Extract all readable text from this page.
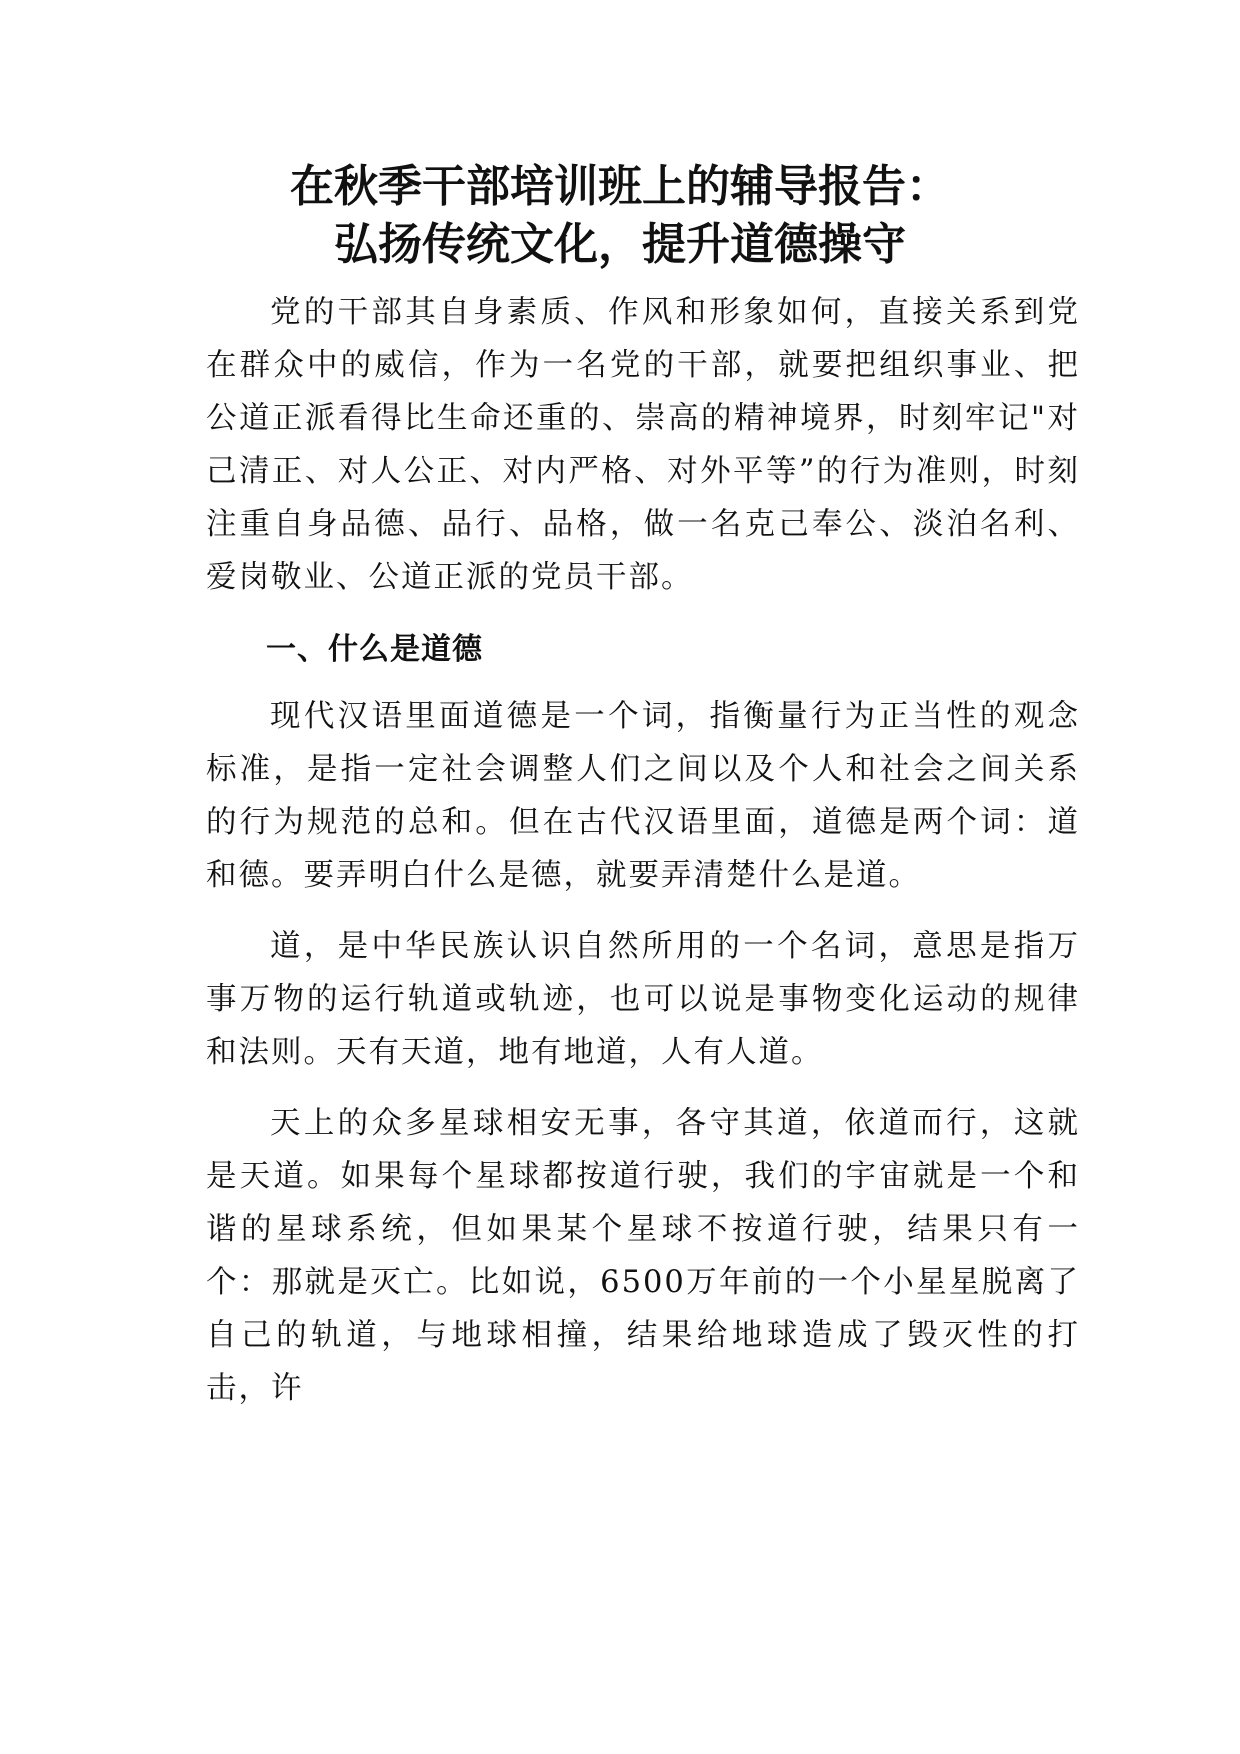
在秋季干部培训班上的辅导报告：
弘扬传统文化，提升道德操守

党的干部其自身素质、作风和形象如何，直接关系到党在群众中的威信，作为一名党的干部，就要把组织事业、把公道正派看得比生命还重的、崇高的精神境界，时刻牢记"对己清正、对人公正、对内严格、对外平等”的行为准则，时刻注重自身品德、品行、品格，做一名克己奉公、淡泊名利、爱岗敬业、公道正派的党员干部。

一、什么是道德

现代汉语里面道德是一个词，指衡量行为正当性的观念标准，是指一定社会调整人们之间以及个人和社会之间关系的行为规范的总和。但在古代汉语里面，道德是两个词：道和德。要弄明白什么是德，就要弄清楚什么是道。

道，是中华民族认识自然所用的一个名词，意思是指万事万物的运行轨道或轨迹，也可以说是事物变化运动的规律和法则。天有天道，地有地道，人有人道。

天上的众多星球相安无事，各守其道，依道而行，这就是天道。如果每个星球都按道行驶，我们的宇宙就是一个和谐的星球系统，但如果某个星球不按道行驶，结果只有一个：那就是灭亡。比如说，6500万年前的一个小星星脱离了自己的轨道，与地球相撞，结果给地球造成了毁灭性的打击，许
